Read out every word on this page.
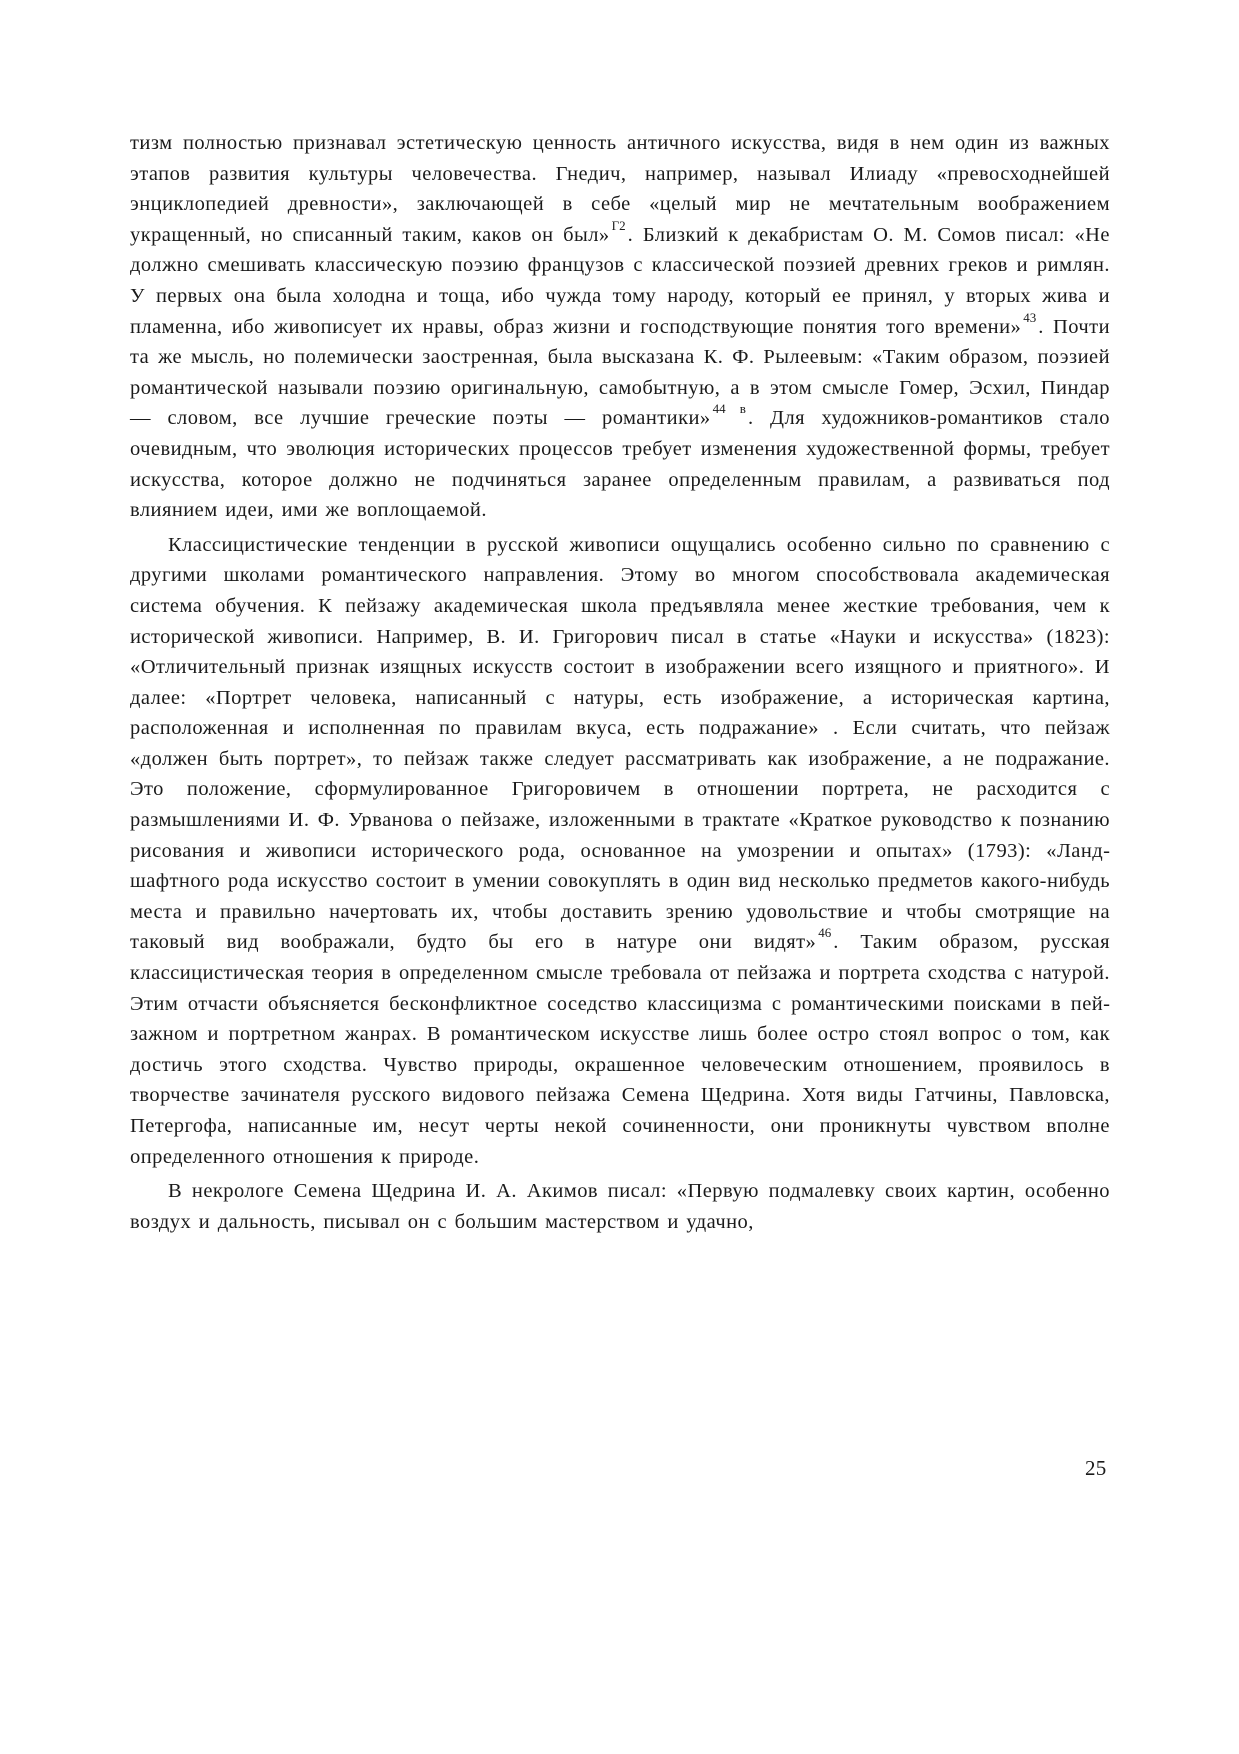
тизм полностью признавал эстетическую ценность античного искусства, видя в нем один из важных этапов развития культуры человечества. Гнедич, например, называл Илиаду «превосходнейшей энциклопедией древности», заключающей в себе «целый мир не мечтательным воображением укращенный, но списанный таким, каков он был» $^{Г2}$. Близкий к декабристам О. М. Сомов писал: «Не должно смешивать классическую поэзию французов с классической поэзией древних греков и римлян. У первых она была холодна и тоща, ибо чужда тому народу, который ее принял, у вторых жива и пламенна, ибо живописует их нравы, образ жизни и господствующие понятия того времени» $^{43}$. Почти та же мысль, но полемически заостренная, была высказана К. Ф. Рылеевым: «Таким образом, поэзией романтической называли поэзию оригинальную, самобытную, а в этом смысле Гомер, Эсхил, Пиндар — словом, все лучшие греческие поэты — романтики» $^{44 в}$. Для художников-романтиков стало очевидным, что эволюция исторических процессов требует изменения художественной формы, требует искусства, которое должно не подчиняться заранее определенным правилам, а развиваться под влиянием идеи, ими же воплощаемой.

Классицистические тенденции в русской живописи ощущались особенно сильно по сравнению с другими школами романтического направления. Этому во многом способствовала академическая система обучения. К пейзажу академическая школа предъявляла менее жесткие требования, чем к исторической живописи. Например, В. И. Григорович писал в статье «Науки и искусства» (1823): «Отличительный признак изящных искусств состоит в изображении всего изящного и приятного». И далее: «Портрет человека, написанный с натуры, есть изображение, а историческая картина, расположенная и исполненная по правилам вкуса, есть подражание» . Если считать, что пейзаж «должен быть портрет», то пейзаж также следует рассматривать как изображение, а не подражание. Это положение, сформулированное Григоровичем в отношении портрета, не расходится с размышлениями И. Ф. Урванова о пейзаже, изложенными в трактате «Краткое руководство к познанию рисования и живописи исторического рода, основанное на умозрении и опытах» (1793): «Ландшафтного рода искусство состоит в умении совокуплять в один вид несколько предметов какого-нибудь места и правильно начертовать их, чтобы доставить зрению удовольствие и чтобы смотрящие на таковый вид воображали, будто бы его в натуре они видят» $^{46}$. Таким образом, русская классицистическая теория в определенном смысле требовала от пейзажа и портрета сходства с натурой. Этим отчасти объясняется бесконфликтное соседство классицизма с романтическими поисками в пейзажном и портретном жанрах. В романтическом искусстве лишь более остро стоял вопрос о том, как достичь этого сходства. Чувство природы, окрашенное человеческим отношением, проявилось в творчестве зачинателя русского видового пейзажа Семена Щедрина. Хотя виды Гатчины, Павловска, Петергофа, написанные им, несут черты некой сочиненности, они проникнуты чувством вполне определенного отношения к природе.

В некрологе Семена Щедрина И. А. Акимов писал: «Первую подмалевку своих картин, особенно воздух и дальность, писывал он с большим мастерством и удачно,

25
